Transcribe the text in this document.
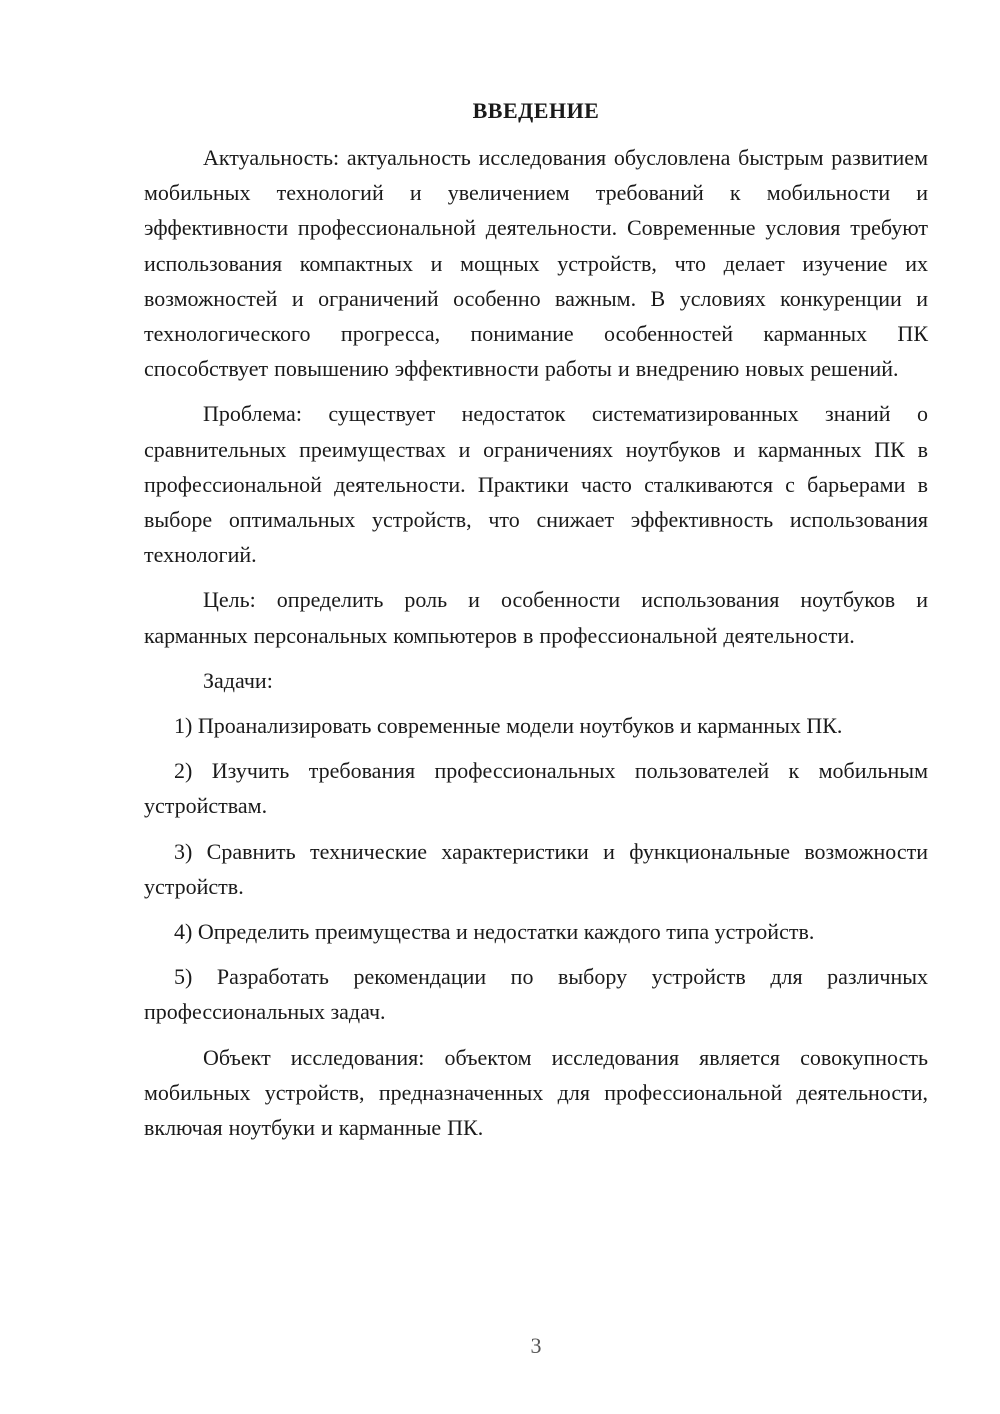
ВВЕДЕНИЕ

Актуальность: актуальность исследования обусловлена быстрым развитием мобильных технологий и увеличением требований к мобильности и эффективности профессиональной деятельности. Современные условия требуют использования компактных и мощных устройств, что делает изучение их возможностей и ограничений особенно важным. В условиях конкуренции и технологического прогресса, понимание особенностей карманных ПК способствует повышению эффективности работы и внедрению новых решений.

Проблема: существует недостаток систематизированных знаний о сравнительных преимуществах и ограничениях ноутбуков и карманных ПК в профессиональной деятельности. Практики часто сталкиваются с барьерами в выборе оптимальных устройств, что снижает эффективность использования технологий.

Цель: определить роль и особенности использования ноутбуков и карманных персональных компьютеров в профессиональной деятельности.

Задачи:

1) Проанализировать современные модели ноутбуков и карманных ПК.

2) Изучить требования профессиональных пользователей к мобильным устройствам.

3) Сравнить технические характеристики и функциональные возможности устройств.

4) Определить преимущества и недостатки каждого типа устройств.

5) Разработать рекомендации по выбору устройств для различных профессиональных задач.

Объект исследования: объектом исследования является совокупность мобильных устройств, предназначенных для профессиональной деятельности, включая ноутбуки и карманные ПК.

3
